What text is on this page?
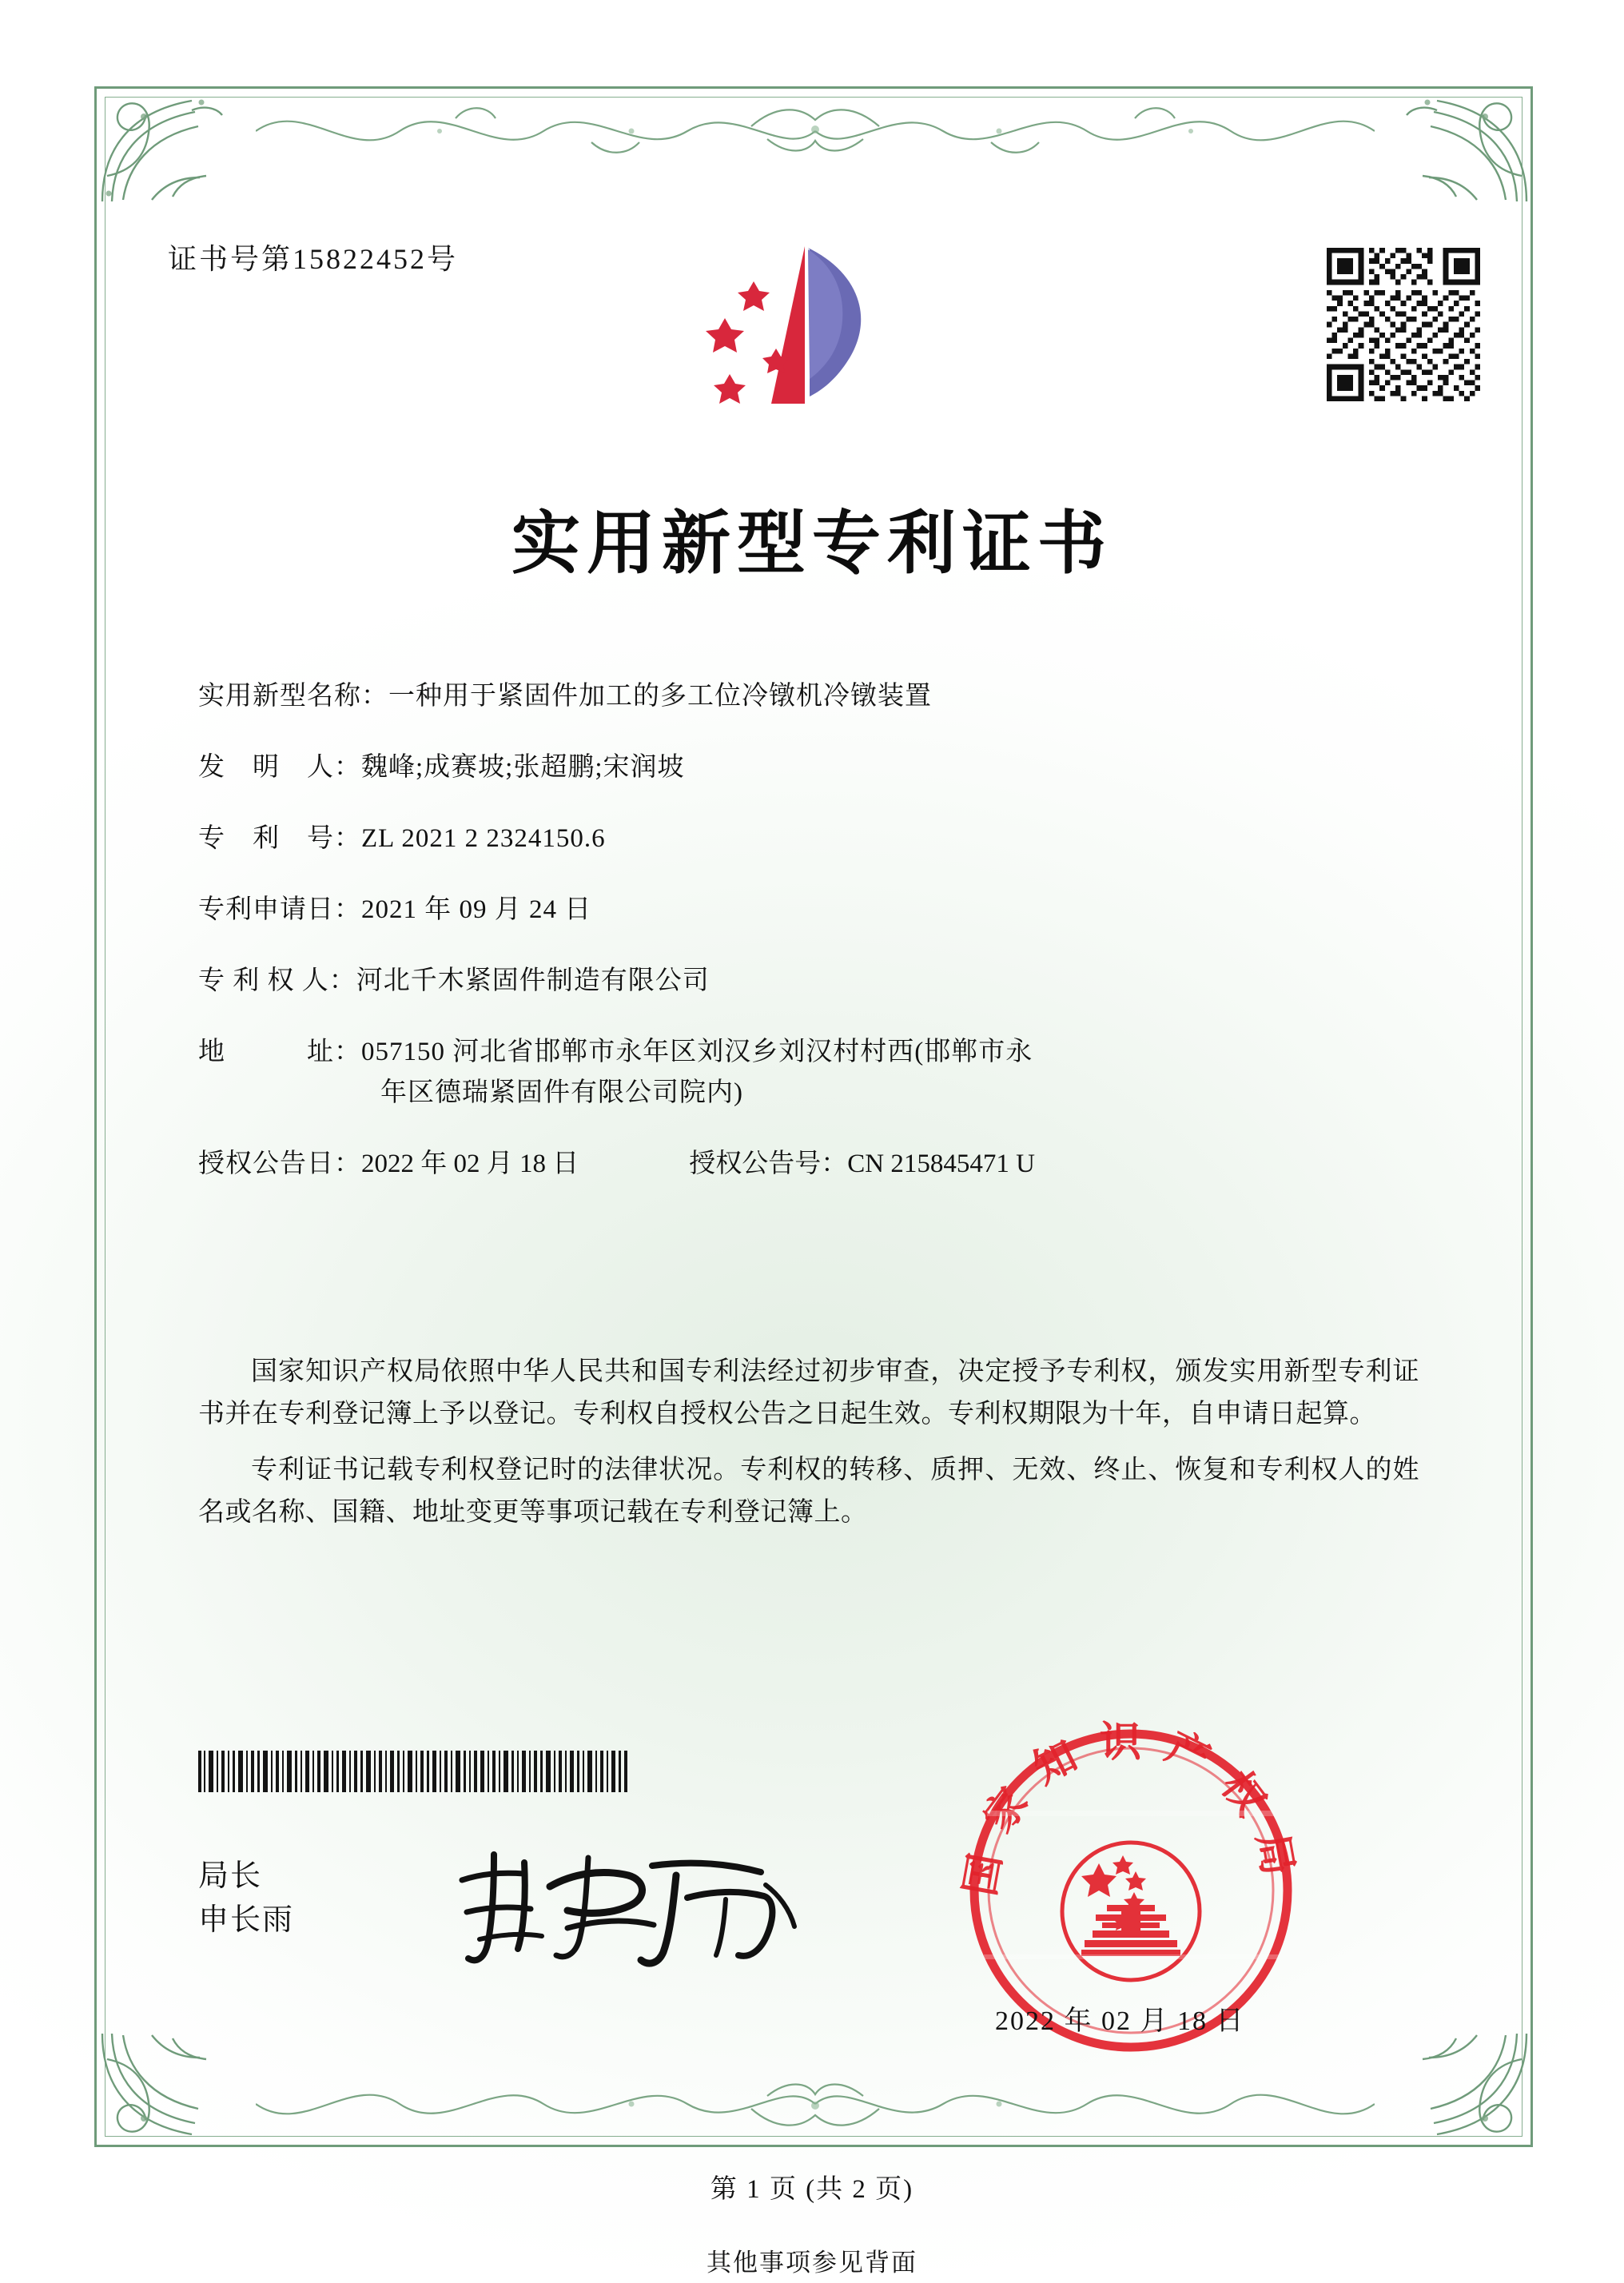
证书号第15822452号
实用新型专利证书
实用新型名称： 一种用于紧固件加工的多工位冷镦机冷镦装置
发　明　人： 魏峰;成赛坡;张超鹏;宋润坡
专　利　号： ZL 2021 2 2324150.6
专利申请日： 2021 年 09 月 24 日
专 利 权 人： 河北千木紧固件制造有限公司
地　　　址： 057150 河北省邯郸市永年区刘汉乡刘汉村村西(邯郸市永
年区德瑞紧固件有限公司院内)
授权公告日： 2022 年 02 月 18 日	授权公告号： CN 215845471 U

国家知识产权局依照中华人民共和国专利法经过初步审查，决定授予专利权，颁发实用新型专利证书并在专利登记簿上予以登记。专利权自授权公告之日起生效。专利权期限为十年，自申请日起算。

专利证书记载专利权登记时的法律状况。专利权的转移、质押、无效、终止、恢复和专利权人的姓名或名称、国籍、地址变更等事项记载在专利登记簿上。

局长
申长雨
国家知识产权局
2022 年 02 月 18 日
第 1 页 (共 2 页)
其他事项参见背面
